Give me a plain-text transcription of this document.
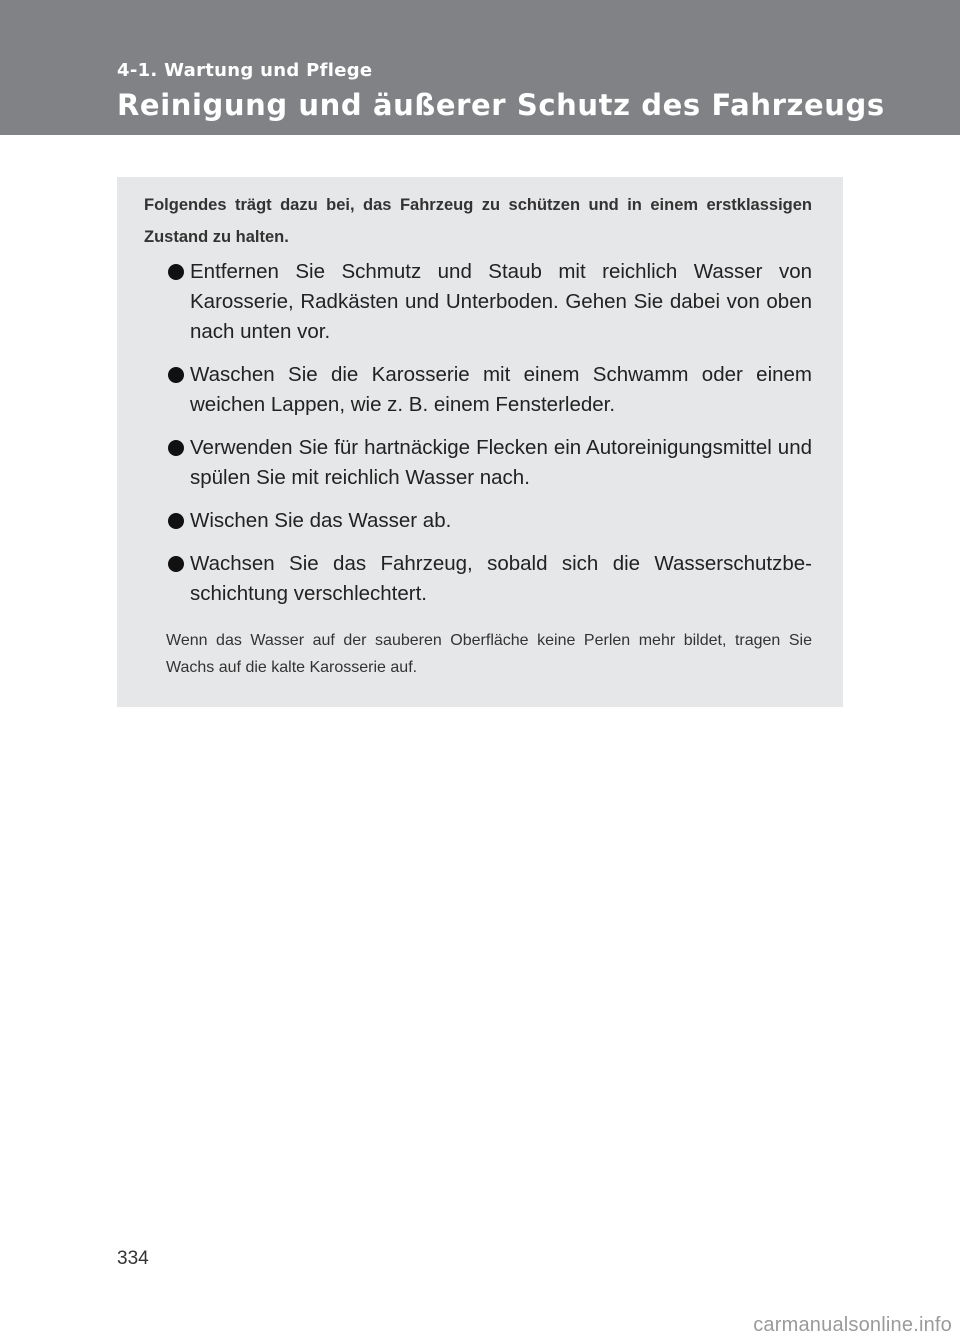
4-1. Wartung und Pflege
Reinigung und äußerer Schutz des Fahrzeugs

Folgendes trägt dazu bei, das Fahrzeug zu schützen und in einem erstklassigen Zustand zu halten.

Entfernen Sie Schmutz und Staub mit reichlich Wasser von Karosserie, Radkästen und Unterboden. Gehen Sie dabei von oben nach unten vor.
Waschen Sie die Karosserie mit einem Schwamm oder einem weichen Lappen, wie z. B. einem Fensterleder.
Verwenden Sie für hartnäckige Flecken ein Autoreinigungsmittel und spülen Sie mit reichlich Wasser nach.
Wischen Sie das Wasser ab.
Wachsen Sie das Fahrzeug, sobald sich die Wasserschutzbeschichtung verschlechtert.

Wenn das Wasser auf der sauberen Oberfläche keine Perlen mehr bildet, tragen Sie Wachs auf die kalte Karosserie auf.

334
carmanualsonline.info
